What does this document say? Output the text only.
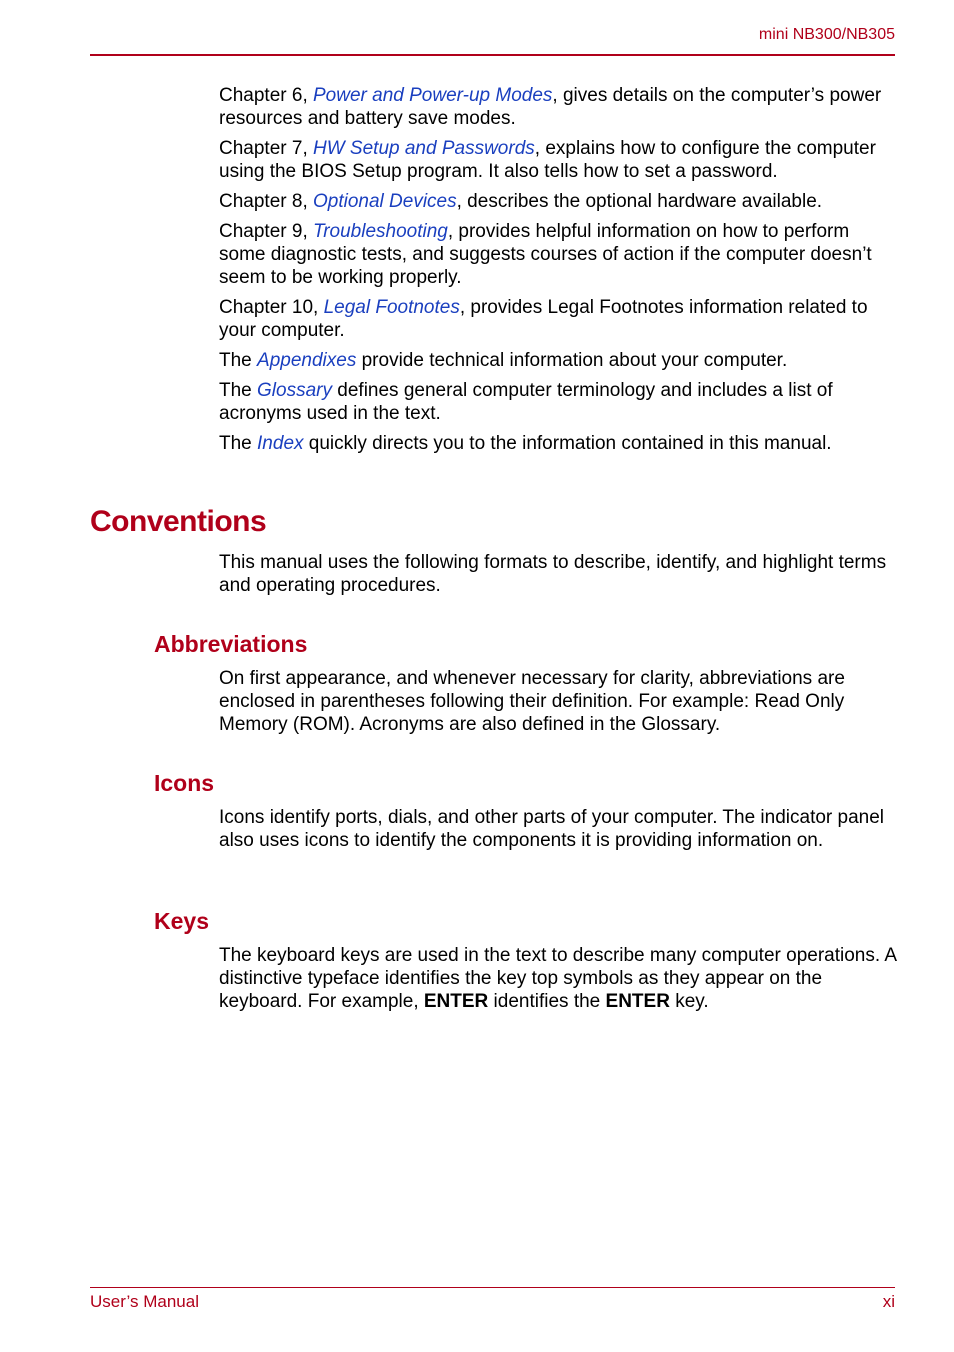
mini NB300/NB305

Chapter 6, Power and Power-up Modes, gives details on the computer’s power resources and battery save modes.

Chapter 7, HW Setup and Passwords, explains how to configure the computer using the BIOS Setup program. It also tells how to set a password.

Chapter 8, Optional Devices, describes the optional hardware available.

Chapter 9, Troubleshooting, provides helpful information on how to perform some diagnostic tests, and suggests courses of action if the computer doesn’t seem to be working properly.

Chapter 10, Legal Footnotes, provides Legal Footnotes information related to your computer.

The Appendixes provide technical information about your computer.

The Glossary defines general computer terminology and includes a list of acronyms used in the text.

The Index quickly directs you to the information contained in this manual.

Conventions

This manual uses the following formats to describe, identify, and highlight terms and operating procedures.

Abbreviations

On first appearance, and whenever necessary for clarity, abbreviations are enclosed in parentheses following their definition. For example: Read Only Memory (ROM). Acronyms are also defined in the Glossary.

Icons

Icons identify ports, dials, and other parts of your computer. The indicator panel also uses icons to identify the components it is providing information on.

Keys

The keyboard keys are used in the text to describe many computer operations. A distinctive typeface identifies the key top symbols as they appear on the keyboard. For example, ENTER identifies the ENTER key.

User’s Manual	xi
